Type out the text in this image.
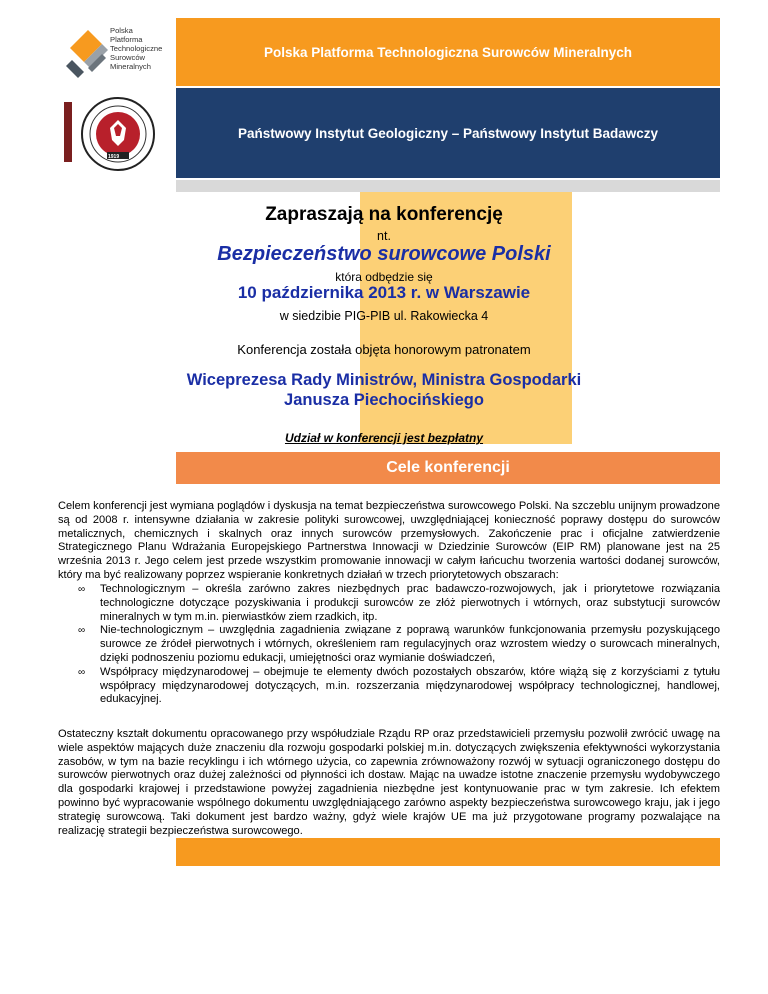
Polska
Platforma
Technologiczne
Surowców
Mineralnych
Polska Platforma Technologiczna Surowców Mineralnych
1919
Państwowy Instytut Geologiczny – Państwowy Instytut Badawczy
Zapraszają na konferencję
nt.
Bezpieczeństwo surowcowe Polski
która odbędzie się
10 października 2013 r. w Warszawie
w siedzibie PIG-PIB ul. Rakowiecka 4
Konferencja została objęta honorowym patronatem
Wiceprezesa Rady Ministrów, Ministra Gospodarki
Janusza Piechocińskiego
Udział w konferencji jest bezpłatny
Cele konferencji
Celem konferencji jest wymiana poglądów i dyskusja na temat bezpieczeństwa surowcowego Polski. Na szczeblu unijnym prowadzone są od 2008 r. intensywne działania w zakresie polityki surowcowej, uwzględniającej konieczność poprawy dostępu do surowców metalicznych, chemicznych i skalnych oraz innych surowców przemysłowych. Zakończenie prac i oficjalne zatwierdzenie Strategicznego Planu Wdrażania Europejskiego Partnerstwa Innowacji w Dziedzinie Surowców (EIP RM) planowane jest na 25 września 2013 r. Jego celem jest przede wszystkim promowanie innowacji w całym łańcuchu tworzenia wartości dodanej surowców, który ma być realizowany poprzez wspieranie konkretnych działań w trzech priorytetowych obszarach:
∞ Technologicznym – określa zarówno zakres niezbędnych prac badawczo-rozwojowych, jak i priorytetowe rozwiązania technologiczne dotyczące pozyskiwania i produkcji surowców ze złóż pierwotnych i wtórnych, oraz substytucji surowców mineralnych w tym m.in. pierwiastków ziem rzadkich, itp.
∞ Nie-technologicznym – uwzględnia zagadnienia związane z poprawą warunków funkcjonowania przemysłu pozyskującego surowce ze źródeł pierwotnych i wtórnych, określeniem ram regulacyjnych oraz wzrostem wiedzy o surowcach mineralnych, dzięki podnoszeniu poziomu edukacji, umiejętności oraz wymianie doświadczeń,
∞ Współpracy międzynarodowej – obejmuje te elementy dwóch pozostałych obszarów, które wiążą się z korzyściami z tytułu współpracy międzynarodowej dotyczących, m.in. rozszerzania międzynarodowej współpracy technologicznej, handlowej, edukacyjnej.
Ostateczny kształt dokumentu opracowanego przy współudziale Rządu RP oraz przedstawicieli przemysłu pozwolił zwrócić uwagę na wiele aspektów mających duże znaczeniu dla rozwoju gospodarki polskiej m.in. dotyczących zwiększenia efektywności wykorzystania zasobów, w tym na bazie recyklingu i ich wtórnego użycia, co zapewnia zrównoważony rozwój w sytuacji ograniczonego dostępu do surowców pierwotnych oraz dużej zależności od płynności ich dostaw. Mając na uwadze istotne znaczenie przemysłu wydobywczego dla gospodarki krajowej i przedstawione powyżej zagadnienia niezbędne jest kontynuowanie prac w tym zakresie. Ich efektem powinno być wypracowanie wspólnego dokumentu uwzględniającego zarówno aspekty bezpieczeństwa surowcowego kraju, jak i jego strategię surowcową. Taki dokument jest bardzo ważny, gdyż wiele krajów UE ma już przygotowane programy pozwalające na realizację strategii bezpieczeństwa surowcowego.
